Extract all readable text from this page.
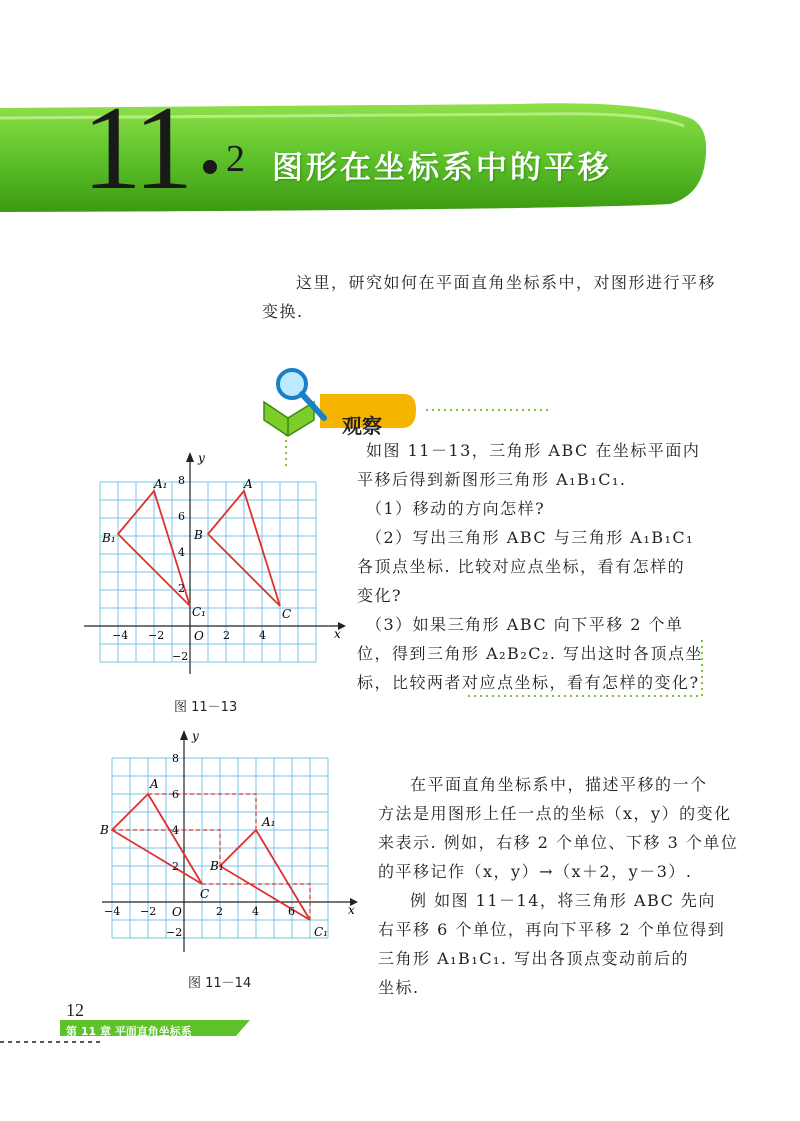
11 2 图形在坐标系中的平移
这里，研究如何在平面直角坐标系中，对图形进行平移
变换.
观察
如图 11－13，三角形 ABC 在坐标平面内
平移后得到新图形三角形 A₁B₁C₁.
（1）移动的方向怎样?
（2）写出三角形 ABC 与三角形 A₁B₁C₁
各顶点坐标. 比较对应点坐标，看有怎样的
变化?
（3）如果三角形 ABC 向下平移 2 个单
位，得到三角形 A₂B₂C₂. 写出这时各顶点坐
标，比较两者对应点坐标，看有怎样的变化?
x
y
O
−4 −2	2	4
8
6
4
2
−2
A
B
C
A₁
B₁
C₁
图 11－13
x
y
O
−4 −2	2	4	6
8
6
4
2
−2
A
B
C
A₁
B₁
C₁
图 11－14
在平面直角坐标系中，描述平移的一个
方法是用图形上任一点的坐标（x，y）的变化
来表示. 例如，右移 2 个单位、下移 3 个单位
的平移记作（x，y）→（x＋2，y－3）.
例 如图 11－14，将三角形 ABC 先向
右平移 6 个单位，再向下平移 2 个单位得到
三角形 A₁B₁C₁. 写出各顶点变动前后的
坐标.
12
第 11 章 平面直角坐标系
